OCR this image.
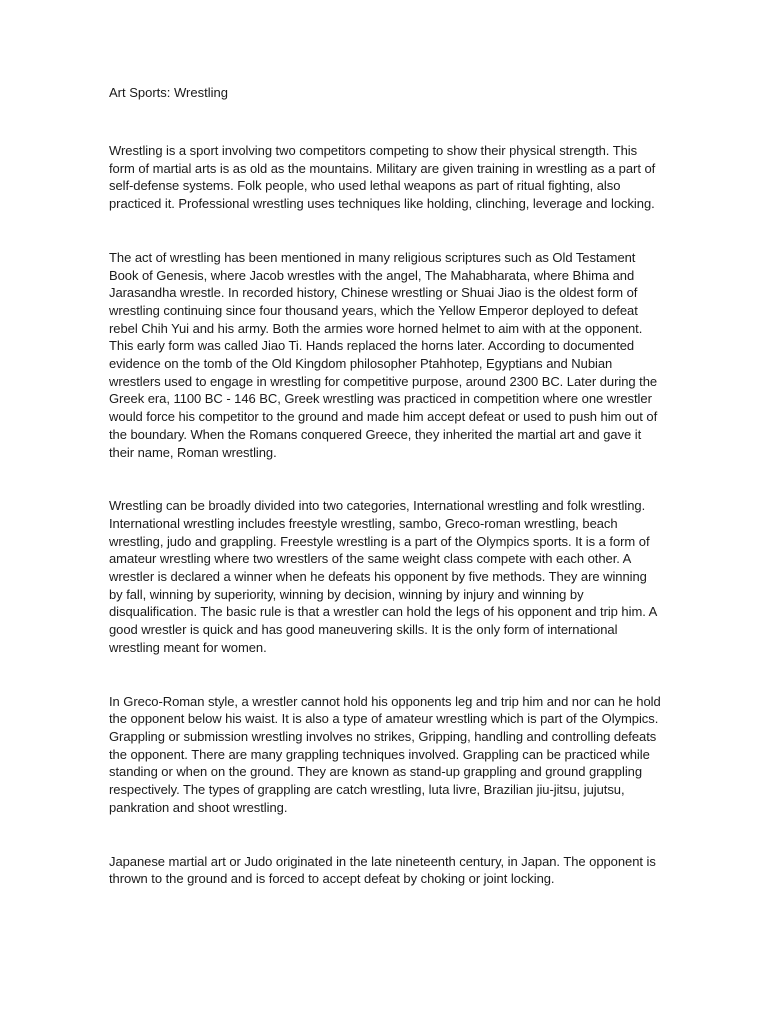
Art Sports: Wrestling

Wrestling is a sport involving two competitors competing to show their physical strength. This form of martial arts is as old as the mountains. Military are given training in wrestling as a part of self-defense systems. Folk people, who used lethal weapons as part of ritual fighting, also practiced it. Professional wrestling uses techniques like holding, clinching, leverage and locking.

The act of wrestling has been mentioned in many religious scriptures such as Old Testament Book of Genesis, where Jacob wrestles with the angel, The Mahabharata, where Bhima and Jarasandha wrestle. In recorded history, Chinese wrestling or Shuai Jiao is the oldest form of wrestling continuing since four thousand years, which the Yellow Emperor deployed to defeat rebel Chih Yui and his army. Both the armies wore horned helmet to aim with at the opponent. This early form was called Jiao Ti. Hands replaced the horns later. According to documented evidence on the tomb of the Old Kingdom philosopher Ptahhotep, Egyptians and Nubian wrestlers used to engage in wrestling for competitive purpose, around 2300 BC. Later during the Greek era, 1100 BC - 146 BC, Greek wrestling was practiced in competition where one wrestler would force his competitor to the ground and made him accept defeat or used to push him out of the boundary. When the Romans conquered Greece, they inherited the martial art and gave it their name, Roman wrestling.

Wrestling can be broadly divided into two categories, International wrestling and folk wrestling. International wrestling includes freestyle wrestling, sambo, Greco-roman wrestling, beach wrestling, judo and grappling. Freestyle wrestling is a part of the Olympics sports. It is a form of amateur wrestling where two wrestlers of the same weight class compete with each other. A wrestler is declared a winner when he defeats his opponent by five methods. They are winning by fall, winning by superiority, winning by decision, winning by injury and winning by disqualification. The basic rule is that a wrestler can hold the legs of his opponent and trip him. A good wrestler is quick and has good maneuvering skills. It is the only form of international wrestling meant for women.

In Greco-Roman style, a wrestler cannot hold his opponents leg and trip him and nor can he hold the opponent below his waist. It is also a type of amateur wrestling which is part of the Olympics. Grappling or submission wrestling involves no strikes, Gripping, handling and controlling defeats the opponent. There are many grappling techniques involved. Grappling can be practiced while standing or when on the ground. They are known as stand-up grappling and ground grappling respectively. The types of grappling are catch wrestling, luta livre, Brazilian jiu-jitsu, jujutsu, pankration and shoot wrestling.

Japanese martial art or Judo originated in the late nineteenth century, in Japan. The opponent is thrown to the ground and is forced to accept defeat by choking or joint locking.
